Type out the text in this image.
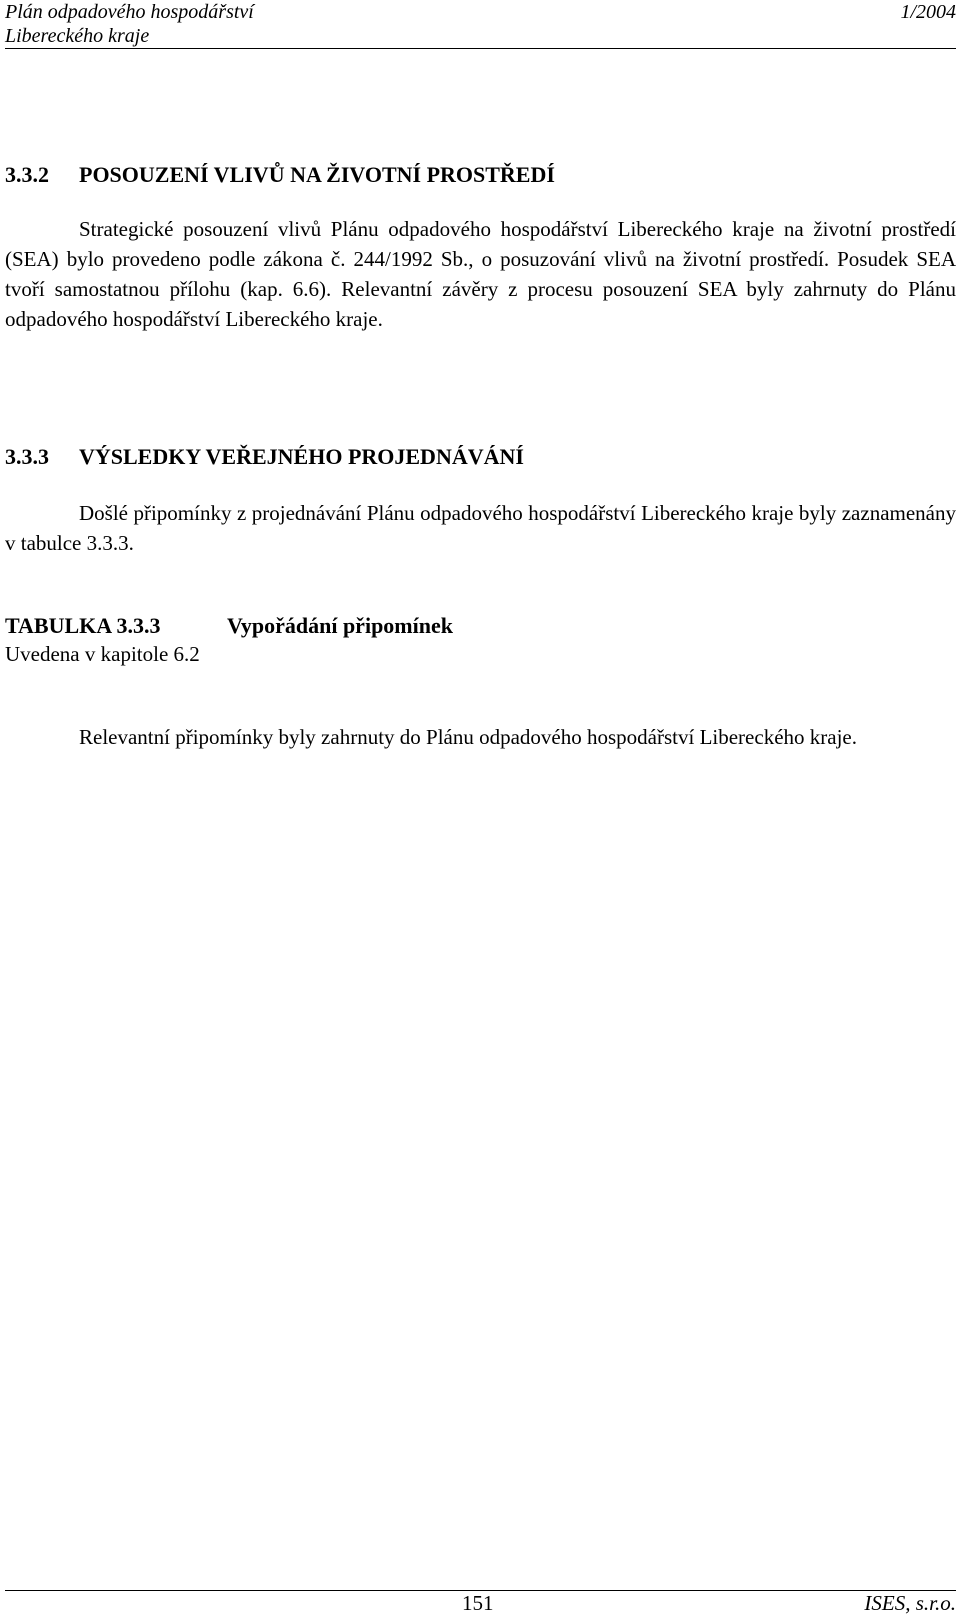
Plán odpadového hospodářství
Libereckého kraje
1/2004
3.3.2 POSOUZENÍ VLIVŮ NA ŽIVOTNÍ PROSTŘEDÍ
Strategické posouzení vlivů Plánu odpadového hospodářství Libereckého kraje na životní prostředí (SEA) bylo provedeno podle zákona č. 244/1992 Sb., o posuzování vlivů na životní prostředí. Posudek SEA tvoří samostatnou přílohu (kap. 6.6). Relevantní závěry z procesu posouzení SEA byly zahrnuty do Plánu odpadového hospodářství Libereckého kraje.
3.3.3 VÝSLEDKY VEŘEJNÉHO PROJEDNÁVÁNÍ
Došlé připomínky z projednávání Plánu odpadového hospodářství Libereckého kraje byly zaznamenány v tabulce 3.3.3.
TABULKA 3.3.3	Vypořádání připomínek
Uvedena v kapitole 6.2
Relevantní připomínky byly zahrnuty do Plánu odpadového hospodářství Libereckého kraje.
151	ISES, s.r.o.
